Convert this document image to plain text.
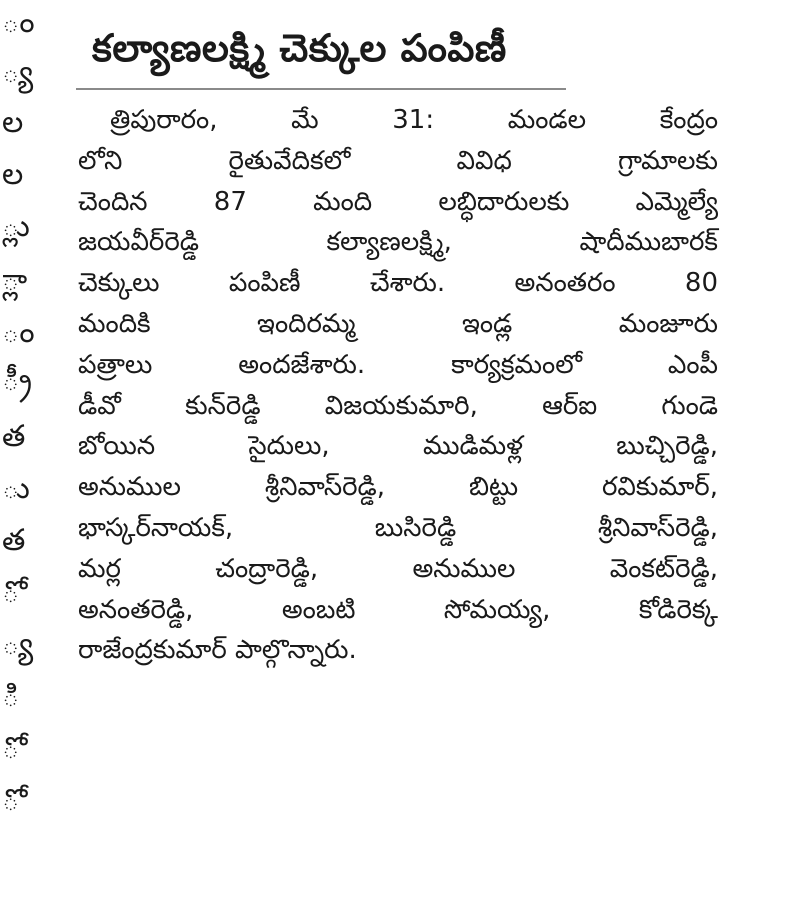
ం
్య
ల
ల
్లు
్లా
ం
్రీ
త
ు
త
ో
్య
ి
ో
ో
కల్యాణలక్ష్మి చెక్కుల పంపిణీ
త్రిపురారం, మే 31: మండల కేంద్రం
లోని రైతువేదికలో వివిధ గ్రామాలకు
చెందిన 87 మంది లబ్ధిదారులకు ఎమ్మెల్యే
జయవీర్‌రెడ్డి కల్యాణలక్ష్మి, షాదీముబారక్
చెక్కులు పంపిణీ చేశారు. అనంతరం 80
మందికి ఇందిరమ్మ ఇండ్ల మంజూరు
పత్రాలు అందజేశారు. కార్యక్రమంలో ఎంపీ
డీవో కున్‌రెడ్డి విజయకుమారి, ఆర్‌ఐ గుండె
బోయిన సైదులు, ముడిమళ్ల బుచ్చిరెడ్డి,
అనుముల శ్రీనివాస్‌రెడ్డి, బిట్టు రవికుమార్,
భాస్కర్‌నాయక్, బుసిరెడ్డి శ్రీనివాస్‌రెడ్డి,
మర్ల చంద్రారెడ్డి, అనుముల వెంకట్‌రెడ్డి,
అనంతరెడ్డి, అంబటి సోమయ్య, కోడిరెక్క
రాజేంద్రకుమార్ పాల్గొన్నారు.
